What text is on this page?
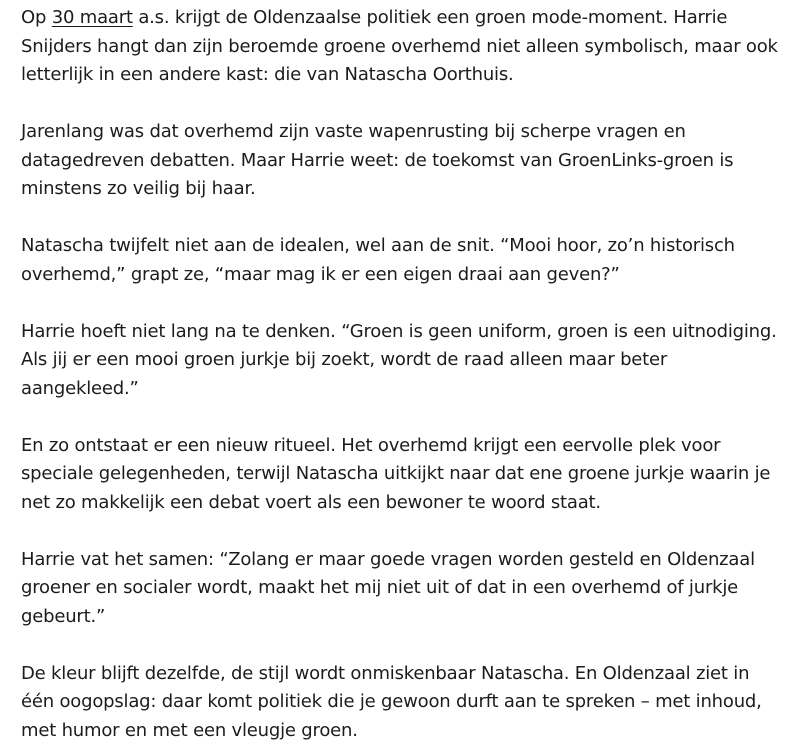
Op 30 maart a.s. krijgt de Oldenzaalse politiek een groen mode-moment. Harrie Snijders hangt dan zijn beroemde groene overhemd niet alleen symbolisch, maar ook letterlijk in een andere kast: die van Natascha Oorthuis.

Jarenlang was dat overhemd zijn vaste wapenrusting bij scherpe vragen en datagedreven debatten. Maar Harrie weet: de toekomst van GroenLinks-groen is minstens zo veilig bij haar.

Natascha twijfelt niet aan de idealen, wel aan de snit. “Mooi hoor, zo’n historisch overhemd,” grapt ze, “maar mag ik er een eigen draai aan geven?”

Harrie hoeft niet lang na te denken. “Groen is geen uniform, groen is een uitnodiging. Als jij er een mooi groen jurkje bij zoekt, wordt de raad alleen maar beter aangekleed.”

En zo ontstaat er een nieuw ritueel. Het overhemd krijgt een eervolle plek voor speciale gelegenheden, terwijl Natascha uitkijkt naar dat ene groene jurkje waarin je net zo makkelijk een debat voert als een bewoner te woord staat.

Harrie vat het samen: “Zolang er maar goede vragen worden gesteld en Oldenzaal groener en socialer wordt, maakt het mij niet uit of dat in een overhemd of jurkje gebeurt.”

De kleur blijft dezelfde, de stijl wordt onmiskenbaar Natascha. En Oldenzaal ziet in één oogopslag: daar komt politiek die je gewoon durft aan te spreken – met inhoud, met humor en met een vleugje groen.
